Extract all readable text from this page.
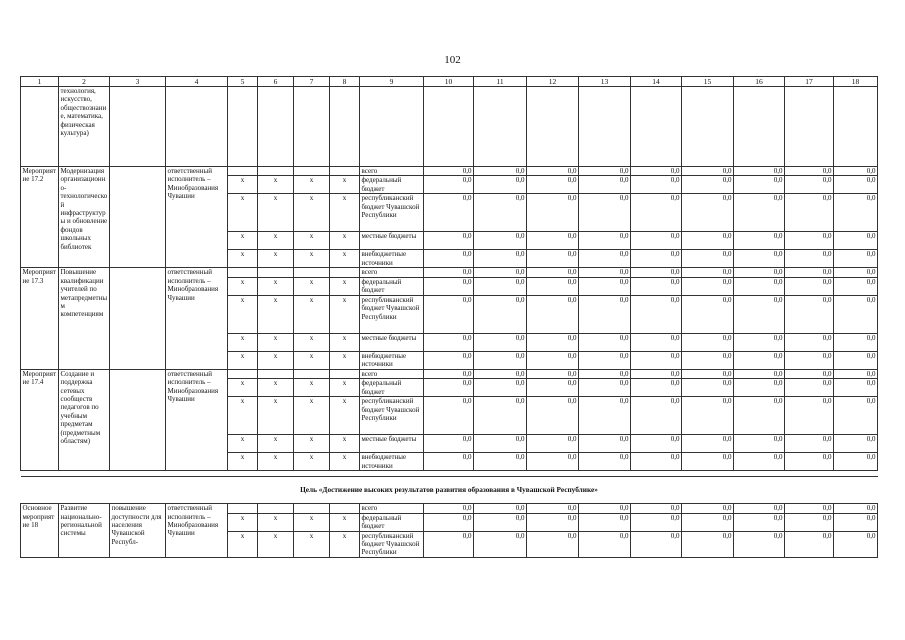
102
1	2	3	4	5	6	7	8	9	10	11	12	13	14	15	16	17	18
	технология, искусство, обществознание, математика, физическая культура)																
Мероприятие 17.2	Модернизация организационно-технологической инфраструктуры и обновление фондов школьных библиотек		ответственный исполнитель – Минобразования Чувашии					всего	0,0	0,0	0,0	0,0	0,0	0,0	0,0	0,0	0,0
				x	x	x	x	федеральный бюджет	0,0	0,0	0,0	0,0	0,0	0,0	0,0	0,0	0,0
				x	x	x	x	республиканский бюджет Чувашской Республики	0,0	0,0	0,0	0,0	0,0	0,0	0,0	0,0	0,0
				x	x	x	x	местные бюджеты	0,0	0,0	0,0	0,0	0,0	0,0	0,0	0,0	0,0
				x	x	x	x	внебюджетные источники	0,0	0,0	0,0	0,0	0,0	0,0	0,0	0,0	0,0
Мероприятие 17.3	Повышение квалификации учителей по метапредметным компетенциям		ответственный исполнитель – Минобразования Чувашии					всего	0,0	0,0	0,0	0,0	0,0	0,0	0,0	0,0	0,0
				x	x	x	x	федеральный бюджет	0,0	0,0	0,0	0,0	0,0	0,0	0,0	0,0	0,0
				x	x	x	x	республиканский бюджет Чувашской Республики	0,0	0,0	0,0	0,0	0,0	0,0	0,0	0,0	0,0
				x	x	x	x	местные бюджеты	0,0	0,0	0,0	0,0	0,0	0,0	0,0	0,0	0,0
				x	x	x	x	внебюджетные источники	0,0	0,0	0,0	0,0	0,0	0,0	0,0	0,0	0,0
Мероприятие 17.4	Создание и поддержка сетевых сообществ педагогов по учебным предметам (предметным областям)		ответственный исполнитель – Минобразования Чувашии					всего	0,0	0,0	0,0	0,0	0,0	0,0	0,0	0,0	0,0
				x	x	x	x	федеральный бюджет	0,0	0,0	0,0	0,0	0,0	0,0	0,0	0,0	0,0
				x	x	x	x	республиканский бюджет Чувашской Республики	0,0	0,0	0,0	0,0	0,0	0,0	0,0	0,0	0,0
				x	x	x	x	местные бюджеты	0,0	0,0	0,0	0,0	0,0	0,0	0,0	0,0	0,0
				x	x	x	x	внебюджетные источники	0,0	0,0	0,0	0,0	0,0	0,0	0,0	0,0	0,0

Цель «Достижение высоких результатов развития образования в Чувашской Республике»																	
Основное мероприятие 18	Развитие национально-региональной системы	повышение доступности для населения Чувашской Республ-	ответственный исполнитель – Минобразования Чувашии					всего	0,0	0,0	0,0	0,0	0,0	0,0	0,0	0,0	0,0
				x	x	x	x	федеральный бюджет	0,0	0,0	0,0	0,0	0,0	0,0	0,0	0,0	0,0
				x	x	x	x	республиканский бюджет Чувашской Республики	0,0	0,0	0,0	0,0	0,0	0,0	0,0	0,0	0,0
